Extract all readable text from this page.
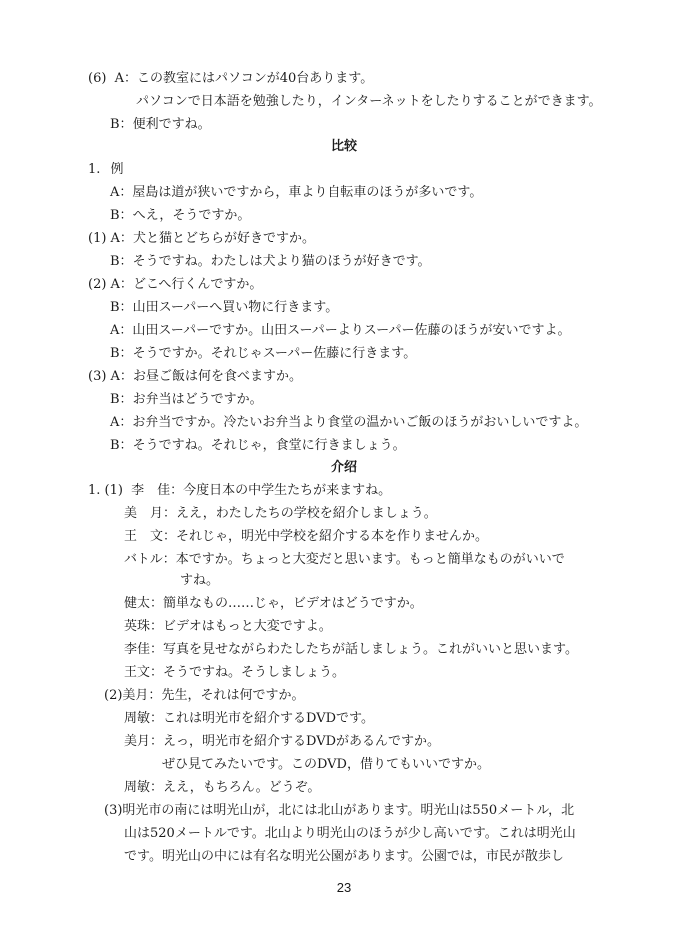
(6) A：この教室にはパソコンが40台あります。
パソコンで日本語を勉強したり，インターネットをしたりすることができます。
B：便利ですね。
比较
1. 例
A：屋島は道が狭いですから，車より自転車のほうが多いです。
B：へえ，そうですか。
(1) A：犬と猫とどちらが好きですか。
B：そうですね。わたしは犬より猫のほうが好きです。
(2) A：どこへ行くんですか。
B：山田スーパーへ買い物に行きます。
A：山田スーパーですか。山田スーパーよりスーパー佐藤のほうが安いですよ。
B：そうですか。それじゃスーパー佐藤に行きます。
(3) A：お昼ご飯は何を食べますか。
B：お弁当はどうですか。
A：お弁当ですか。冷たいお弁当より食堂の温かいご飯のほうがおいしいですよ。
B：そうですね。それじゃ，食堂に行きましょう。
介绍
1. (1) 李　佳：今度日本の中学生たちが来ますね。
美　月：ええ，わたしたちの学校を紹介しましょう。
王　文：それじゃ，明光中学校を紹介する本を作りませんか。
バトル：本ですか。ちょっと大変だと思います。もっと簡単なものがいいで
すね。
健太：簡単なもの……じゃ，ビデオはどうですか。
英珠：ビデオはもっと大変ですよ。
李佳：写真を見せながらわたしたちが話しましょう。これがいいと思います。
王文：そうですね。そうしましょう。
(2)美月：先生，それは何ですか。
周敏：これは明光市を紹介するDVDです。
美月：えっ，明光市を紹介するDVDがあるんですか。
ぜひ見てみたいです。このDVD，借りてもいいですか。
周敏：ええ，もちろん。どうぞ。
(3)明光市の南には明光山が，北には北山があります。明光山は550メートル，北
山は520メートルです。北山より明光山のほうが少し高いです。これは明光山
です。明光山の中には有名な明光公園があります。公園では，市民が散歩し

23
